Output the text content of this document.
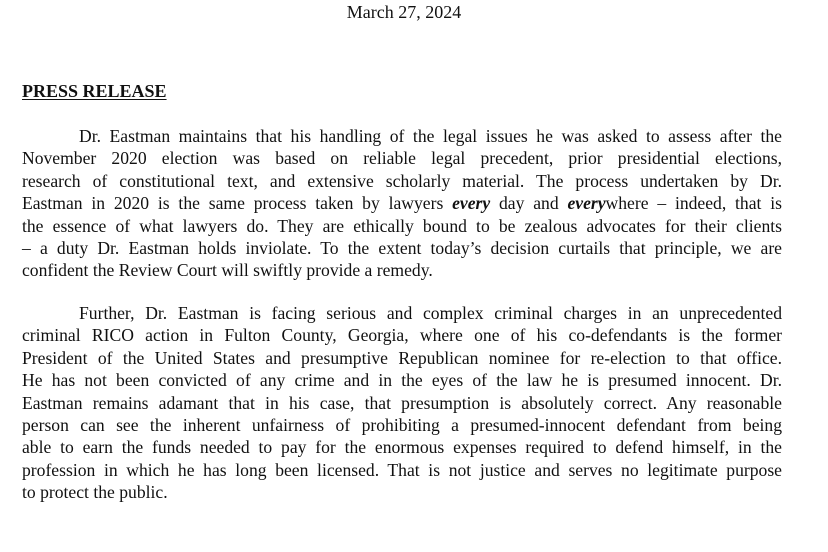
March 27, 2024
PRESS RELEASE

Dr. Eastman maintains that his handling of the legal issues he was asked to assess after the
November 2020 election was based on reliable legal precedent, prior presidential elections,
research of constitutional text, and extensive scholarly material. The process undertaken by Dr.
Eastman in 2020 is the same process taken by lawyers every day and everywhere – indeed, that is
the essence of what lawyers do. They are ethically bound to be zealous advocates for their clients
– a duty Dr. Eastman holds inviolate. To the extent today’s decision curtails that principle, we are
confident the Review Court will swiftly provide a remedy.

Further, Dr. Eastman is facing serious and complex criminal charges in an unprecedented
criminal RICO action in Fulton County, Georgia, where one of his co-defendants is the former
President of the United States and presumptive Republican nominee for re-election to that office.
He has not been convicted of any crime and in the eyes of the law he is presumed innocent. Dr.
Eastman remains adamant that in his case, that presumption is absolutely correct. Any reasonable
person can see the inherent unfairness of prohibiting a presumed-innocent defendant from being
able to earn the funds needed to pay for the enormous expenses required to defend himself, in the
profession in which he has long been licensed. That is not justice and serves no legitimate purpose
to protect the public.
